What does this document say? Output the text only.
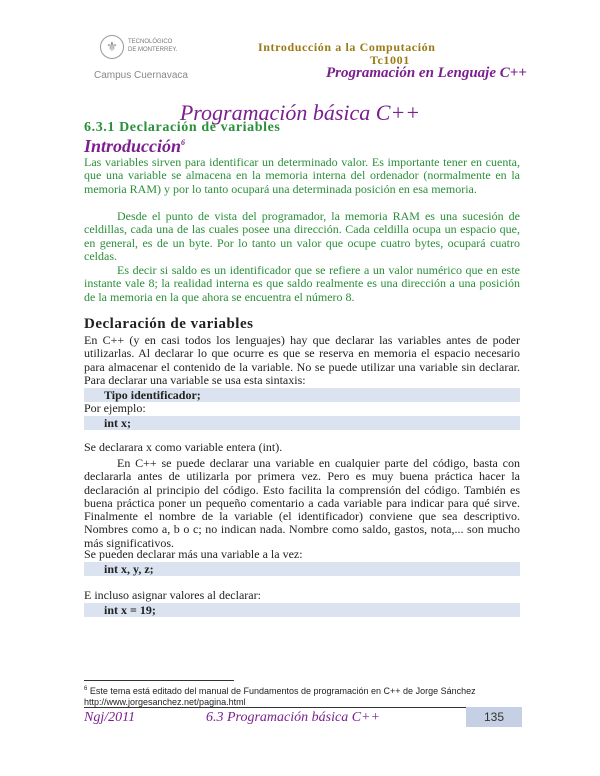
⚜	TECNOLÓGICO
DE MONTERREY.
Campus Cuernavaca
Introducción a la Computación
Tc1001
Programación en Lenguaje C++
Programación básica C++
6.3.1 Declaración de variables
Introducción$^6$

Las variables sirven para identificar un determinado valor. Es importante tener en cuenta, que una variable se almacena en la memoria interna del ordenador (normalmente en la memoria RAM) y por lo tanto ocupará una determinada posición en esa memoria.

Desde el punto de vista del programador, la memoria RAM es una sucesión de celdillas, cada una de las cuales posee una dirección. Cada celdilla ocupa un espacio que, en general, es de un byte. Por lo tanto un valor que ocupe cuatro bytes, ocupará cuatro celdas.

Es decir si saldo es un identificador que se refiere a un valor numérico que en este instante vale 8; la realidad interna es que saldo realmente es una dirección a una posición de la memoria en la que ahora se encuentra el número 8.

Declaración de variables

En C++ (y en casi todos los lenguajes) hay que declarar las variables antes de poder utilizarlas. Al declarar lo que ocurre es que se reserva en memoria el espacio necesario para almacenar el contenido de la variable. No se puede utilizar una variable sin declarar. Para declarar una variable se usa esta sintaxis:

Tipo identificador;
Por ejemplo:
int x;
Se declarara x como variable entera (int).

En C++ se puede declarar una variable en cualquier parte del código, basta con declararla antes de utilizarla por primera vez. Pero es muy buena práctica hacer la declaración al principio del código. Esto facilita la comprensión del código. También es buena práctica poner un pequeño comentario a cada variable para indicar para qué sirve. Finalmente el nombre de la variable (el identificador) conviene que sea descriptivo. Nombres como a, b o c; no indican nada. Nombre como saldo, gastos, nota,... son mucho más significativos.

Se pueden declarar más una variable a la vez:
int x, y, z;
E incluso asignar valores al declarar:
int x = 19;
$^6$ Este tema está editado del manual de Fundamentos de programación en C++ de Jorge Sánchez
http://www.jorgesanchez.net/pagina.html
Ngj/2011	6.3 Programación básica C++	135
